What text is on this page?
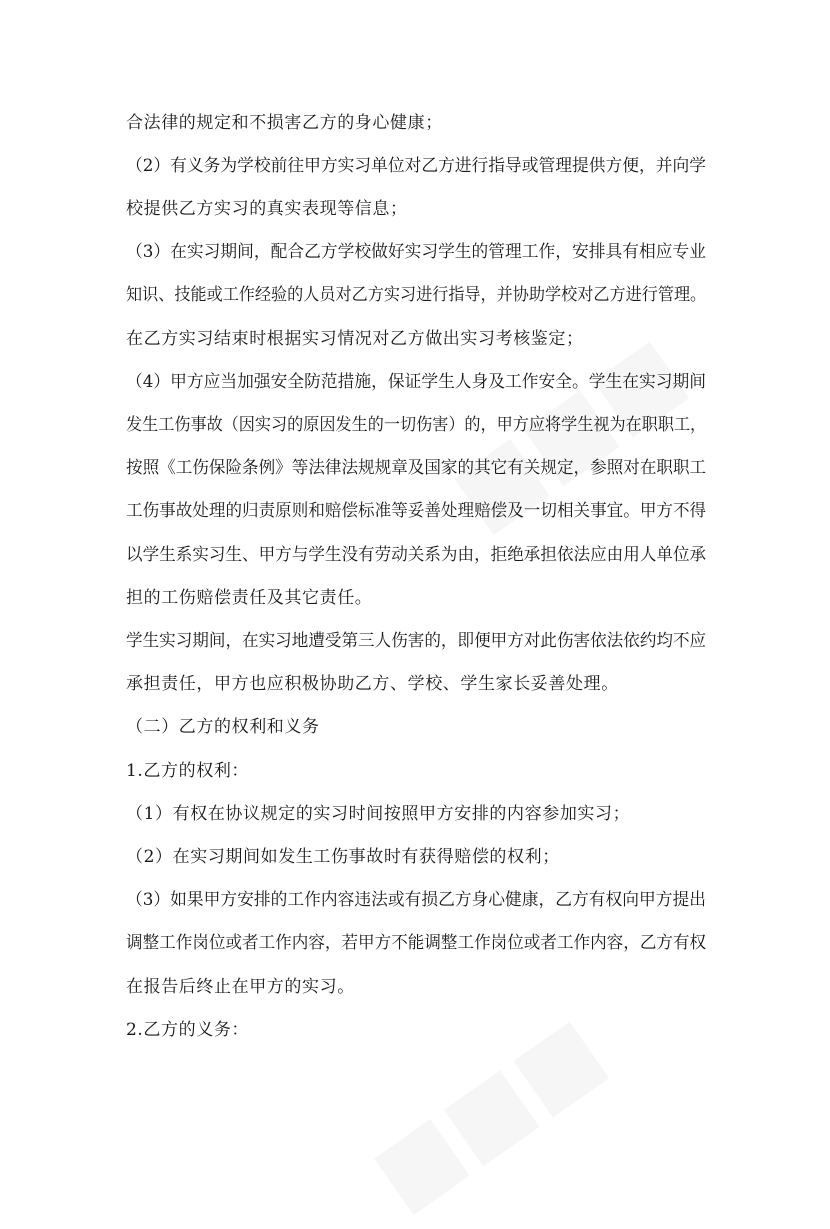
合法律的规定和不损害乙方的身心健康；
（2）有义务为学校前往甲方实习单位对乙方进行指导或管理提供方便，并向学
校提供乙方实习的真实表现等信息；
（3）在实习期间，配合乙方学校做好实习学生的管理工作，安排具有相应专业
知识、技能或工作经验的人员对乙方实习进行指导，并协助学校对乙方进行管理。
在乙方实习结束时根据实习情况对乙方做出实习考核鉴定；
（4）甲方应当加强安全防范措施，保证学生人身及工作安全。学生在实习期间
发生工伤事故（因实习的原因发生的一切伤害）的，甲方应将学生视为在职职工，
按照《工伤保险条例》等法律法规规章及国家的其它有关规定，参照对在职职工
工伤事故处理的归责原则和赔偿标准等妥善处理赔偿及一切相关事宜。甲方不得
以学生系实习生、甲方与学生没有劳动关系为由，拒绝承担依法应由用人单位承
担的工伤赔偿责任及其它责任。
学生实习期间，在实习地遭受第三人伤害的，即便甲方对此伤害依法依约均不应
承担责任，甲方也应积极协助乙方、学校、学生家长妥善处理。
（二）乙方的权利和义务
1.乙方的权利：
（1）有权在协议规定的实习时间按照甲方安排的内容参加实习；
（2）在实习期间如发生工伤事故时有获得赔偿的权利；
（3）如果甲方安排的工作内容违法或有损乙方身心健康，乙方有权向甲方提出
调整工作岗位或者工作内容，若甲方不能调整工作岗位或者工作内容，乙方有权
在报告后终止在甲方的实习。
2.乙方的义务：
